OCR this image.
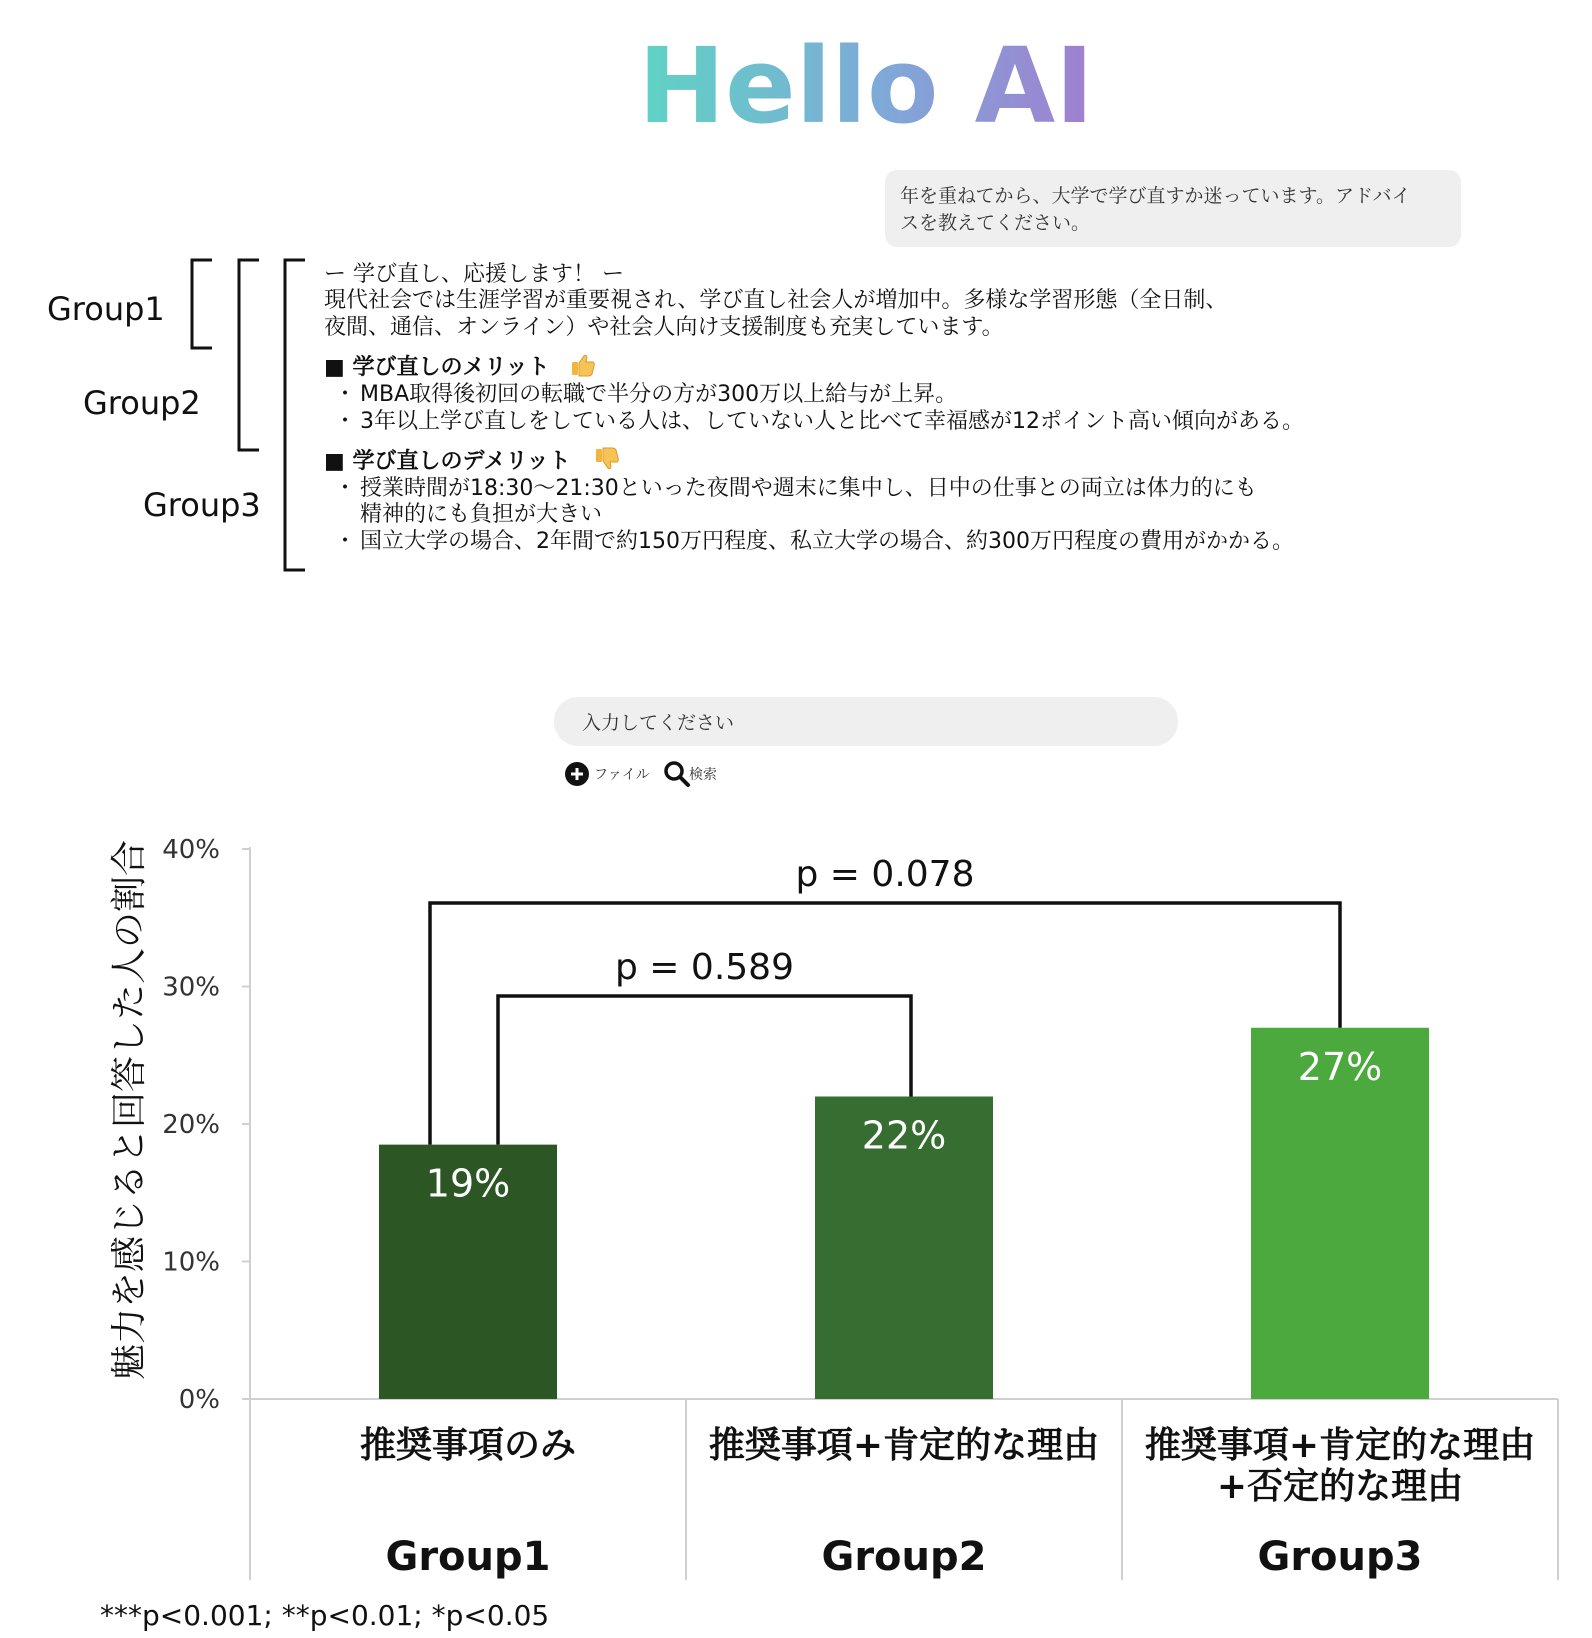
Hello AI
年を重ねてから、大学で学び直すか迷っています。アドバイ
スを教えてください。
Group1
Group2
Group3
ー 学び直し、応援します！ ー
現代社会では生涯学習が重要視され、学び直し社会人が増加中。多様な学習形態（全日制、
夜間、通信、オンライン）や社会人向け支援制度も充実しています。
■ 学び直しのメリット
・ MBA取得後初回の転職で半分の方が300万以上給与が上昇。
・ 3年以上学び直しをしている人は、していない人と比べて幸福感が12ポイント高い傾向がある。
■ 学び直しのデメリット
・ 授業時間が18:30〜21:30といった夜間や週末に集中し、日中の仕事との両立は体力的にも
精神的にも負担が大きい
・ 国立大学の場合、2年間で約150万円程度、私立大学の場合、約300万円程度の費用がかかる。
入力してください
ファイル	検索
0%
10%
20%
30%
40%
魅力を感じると回答した人の割合	19%
22%
27%
推奨事項のみ
Group1
推奨事項+肯定的な理由
Group2
推奨事項+肯定的な理由
+否定的な理由
Group3
p = 0.078
p = 0.589
***p<0.001; **p<0.01; *p<0.05
